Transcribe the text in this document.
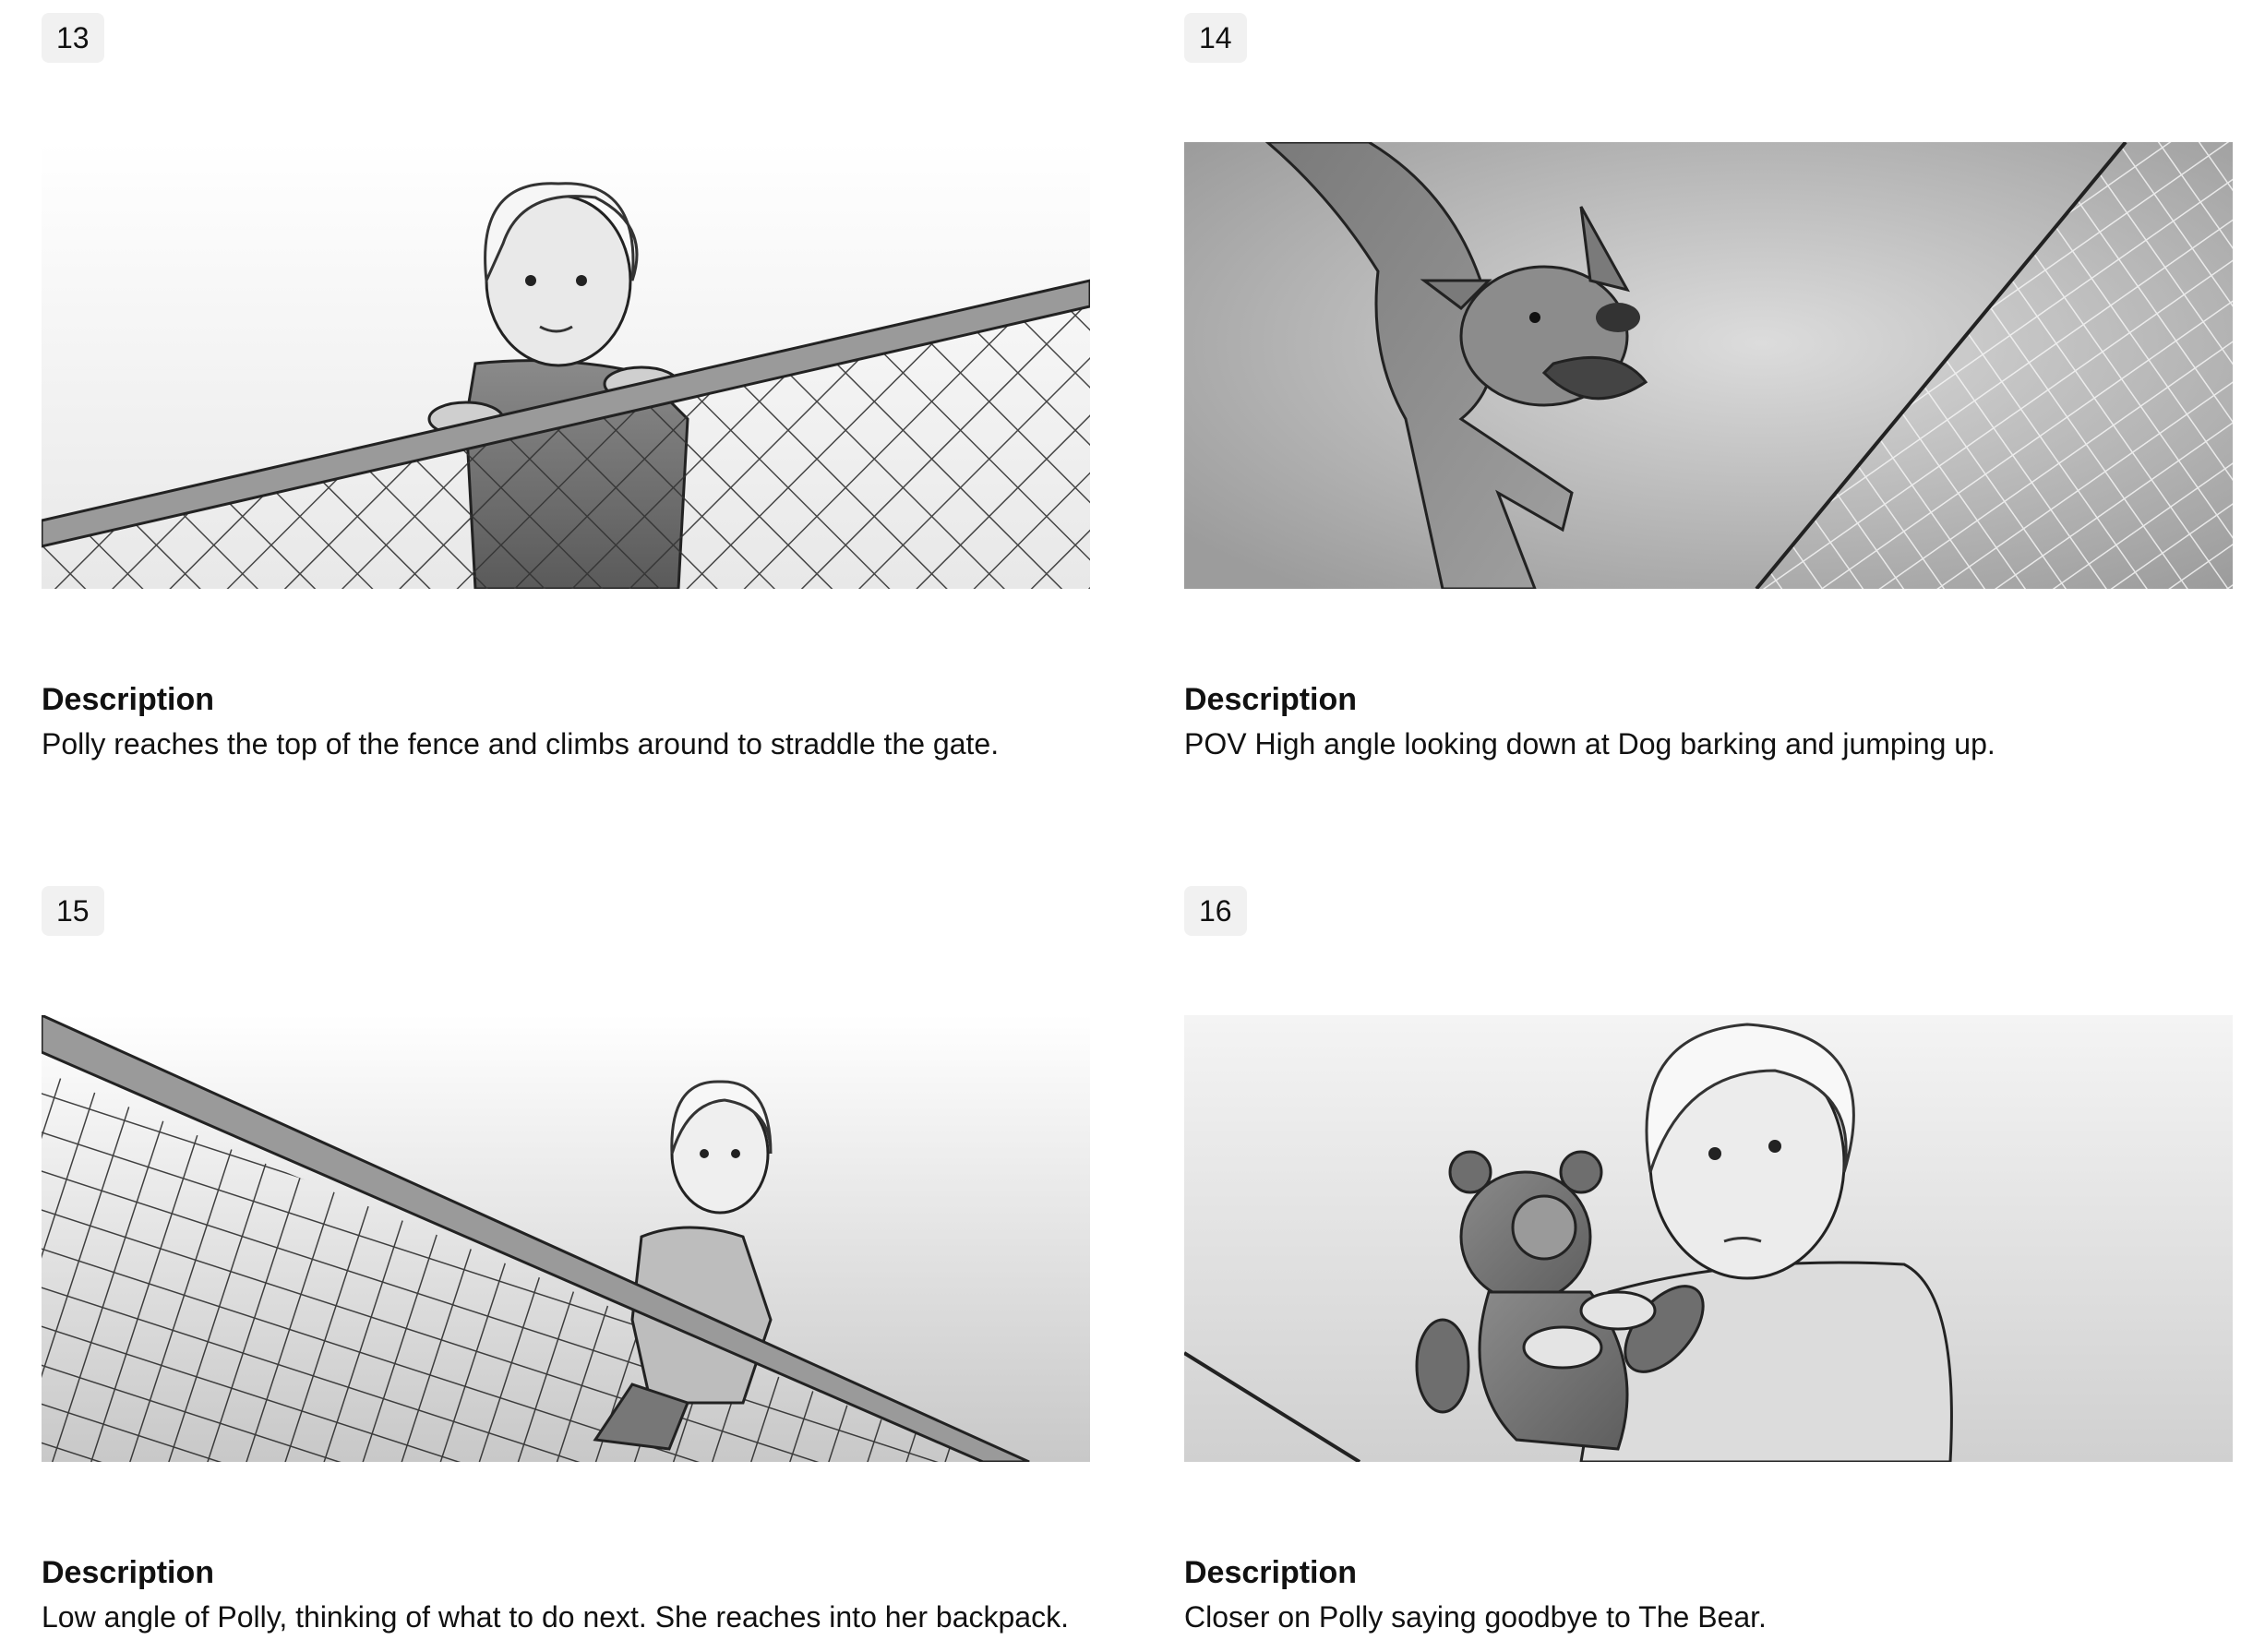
13
Description
Polly reaches the top of the fence and climbs around to straddle the gate.
14
Description
POV High angle looking down at Dog barking and jumping up.
15
Description
Low angle of Polly, thinking of what to do next. She reaches into her backpack.
16
Description
Closer on Polly saying goodbye to The Bear.
